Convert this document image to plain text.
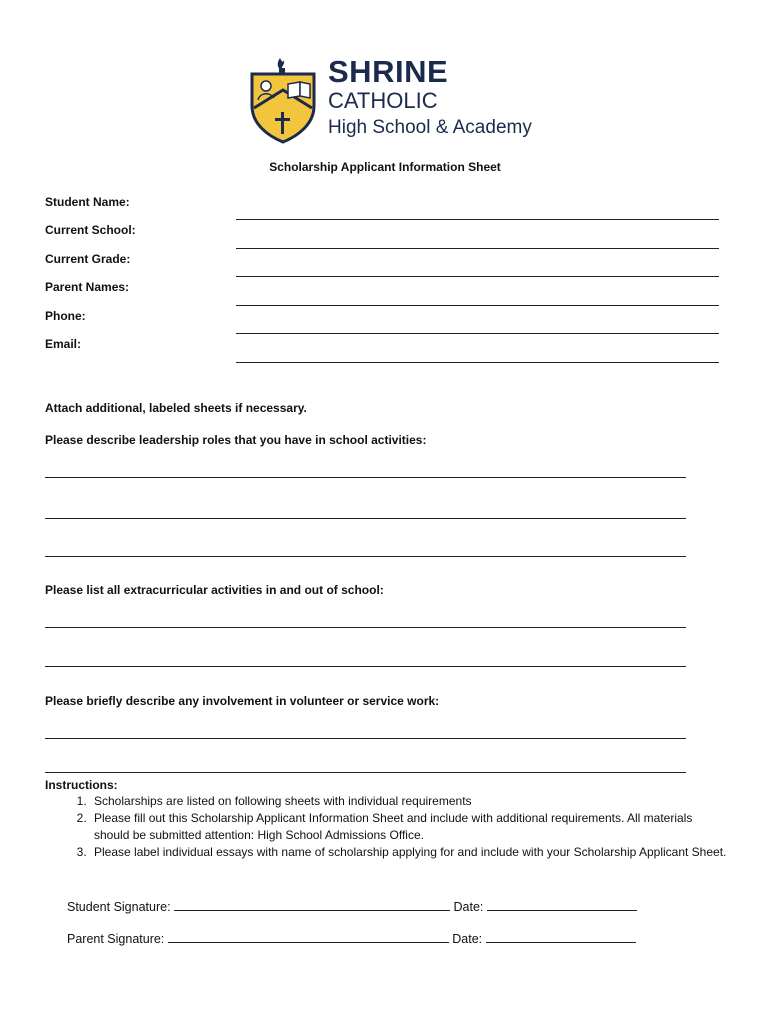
SHRINE
CATHOLIC
High School & Academy
Scholarship Applicant Information Sheet
Student Name:
Current School:
Current Grade:
Parent Names:
Phone:
Email:
Attach additional, labeled sheets if necessary.
Please describe leadership roles that you have in school activities:
Please list all extracurricular activities in and out of school:
Please briefly describe any involvement in volunteer or service work:
Instructions:
1. Scholarships are listed on following sheets with individual requirements
2. Please fill out this Scholarship Applicant Information Sheet and include with additional requirements. All materials should be submitted attention: High School Admissions Office.
3. Please label individual essays with name of scholarship applying for and include with your Scholarship Applicant Sheet.
Student Signature:	Date:
Parent Signature:	Date:
